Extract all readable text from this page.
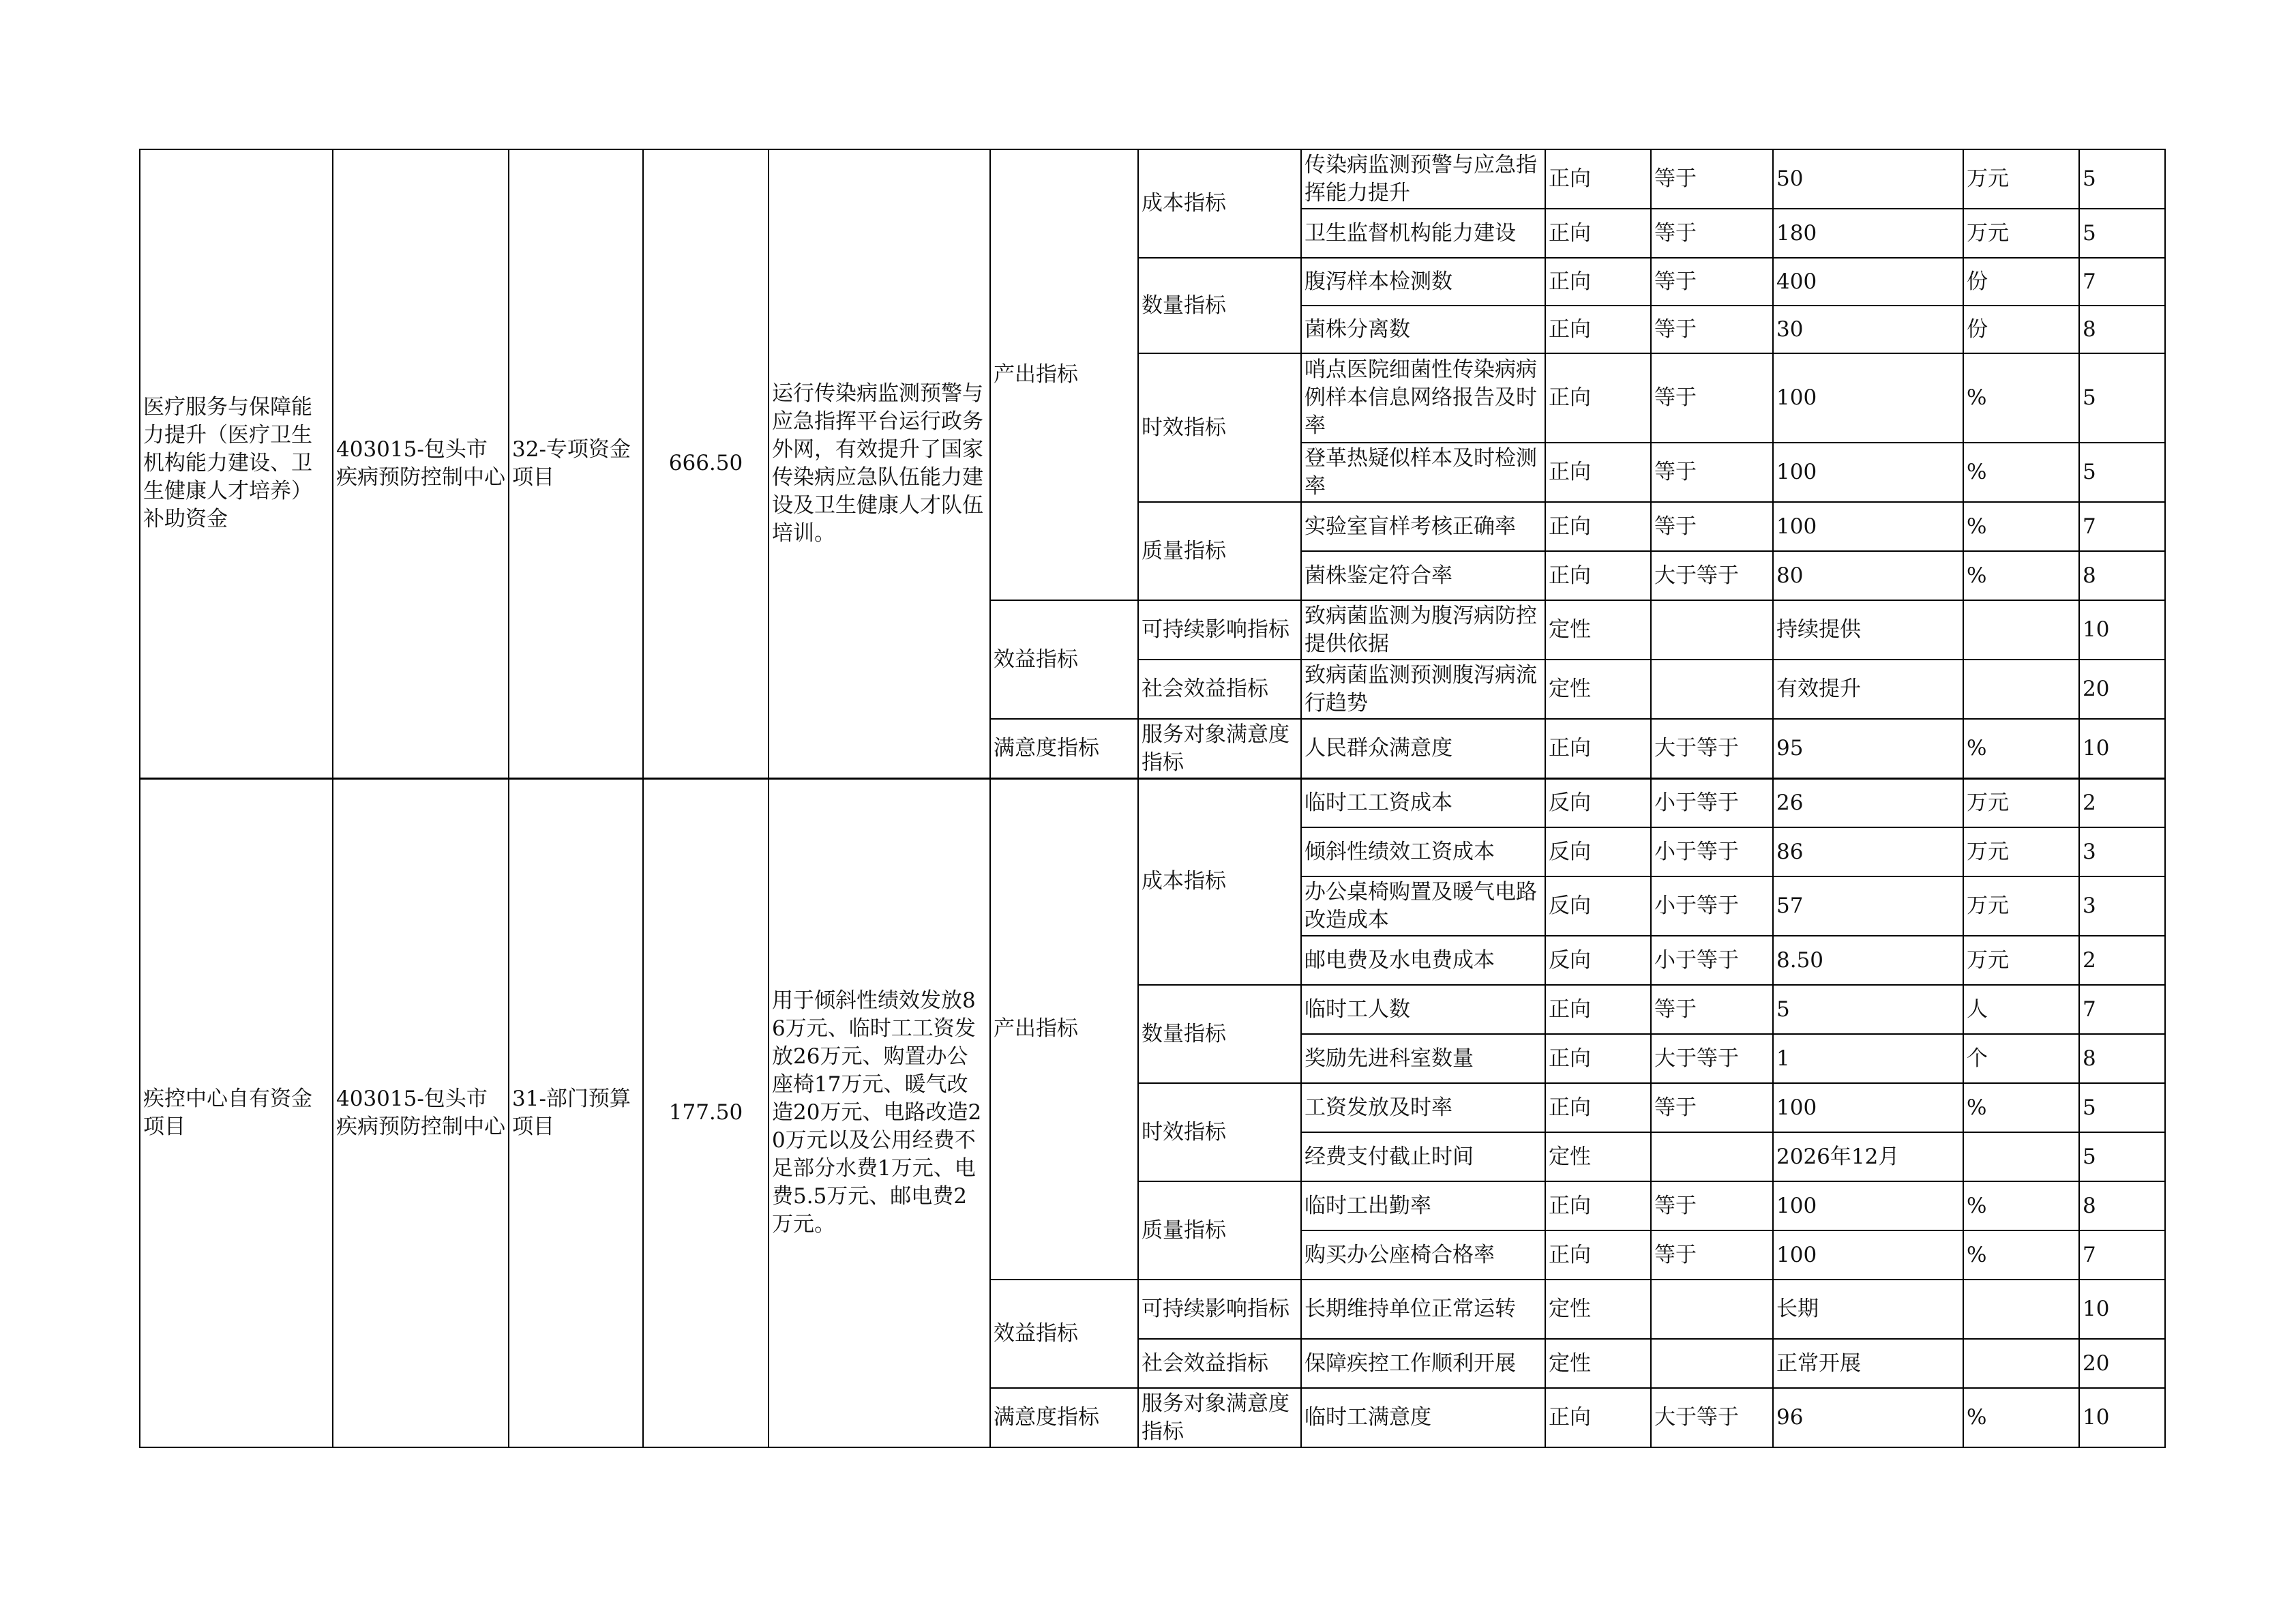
医疗服务与保障能力提升（医疗卫生机构能力建设、卫生健康人才培养）补助资金	403015-包头市疾病预防控制中心	32-专项资金项目	666.50	运行传染病监测预警与应急指挥平台运行政务外网，有效提升了国家传染病应急队伍能力建设及卫生健康人才队伍培训。	产出指标	成本指标	传染病监测预警与应急指挥能力提升	正向	等于	50	万元	5
							卫生监督机构能力建设	正向	等于	180	万元	5
						数量指标	腹泻样本检测数	正向	等于	400	份	7
							菌株分离数	正向	等于	30	份	8
						时效指标	哨点医院细菌性传染病病例样本信息网络报告及时率	正向	等于	100	%	5
							登革热疑似样本及时检测率	正向	等于	100	%	5
						质量指标	实验室盲样考核正确率	正向	等于	100	%	7
							菌株鉴定符合率	正向	大于等于	80	%	8
					效益指标	可持续影响指标	致病菌监测为腹泻病防控提供依据	定性		持续提供		10
						社会效益指标	致病菌监测预测腹泻病流行趋势	定性		有效提升		20
					满意度指标	服务对象满意度指标	人民群众满意度	正向	大于等于	95	%	10

疾控中心自有资金项目	403015-包头市疾病预防控制中心	31-部门预算项目	177.50	用于倾斜性绩效发放86万元、临时工工资发放26万元、购置办公座椅17万元、暖气改造20万元、电路改造20万元以及公用经费不足部分水费1万元、电费5.5万元、邮电费2万元。	产出指标	成本指标	临时工工资成本	反向	小于等于	26	万元	2
							倾斜性绩效工资成本	反向	小于等于	86	万元	3
							办公桌椅购置及暖气电路改造成本	反向	小于等于	57	万元	3
							邮电费及水电费成本	反向	小于等于	8.50	万元	2
						数量指标	临时工人数	正向	等于	5	人	7
							奖励先进科室数量	正向	大于等于	1	个	8
						时效指标	工资发放及时率	正向	等于	100	%	5
							经费支付截止时间	定性		2026年12月		5
						质量指标	临时工出勤率	正向	等于	100	%	8
							购买办公座椅合格率	正向	等于	100	%	7
					效益指标	可持续影响指标	长期维持单位正常运转	定性		长期		10
						社会效益指标	保障疾控工作顺利开展	定性		正常开展		20
					满意度指标	服务对象满意度指标	临时工满意度	正向	大于等于	96	%	10
